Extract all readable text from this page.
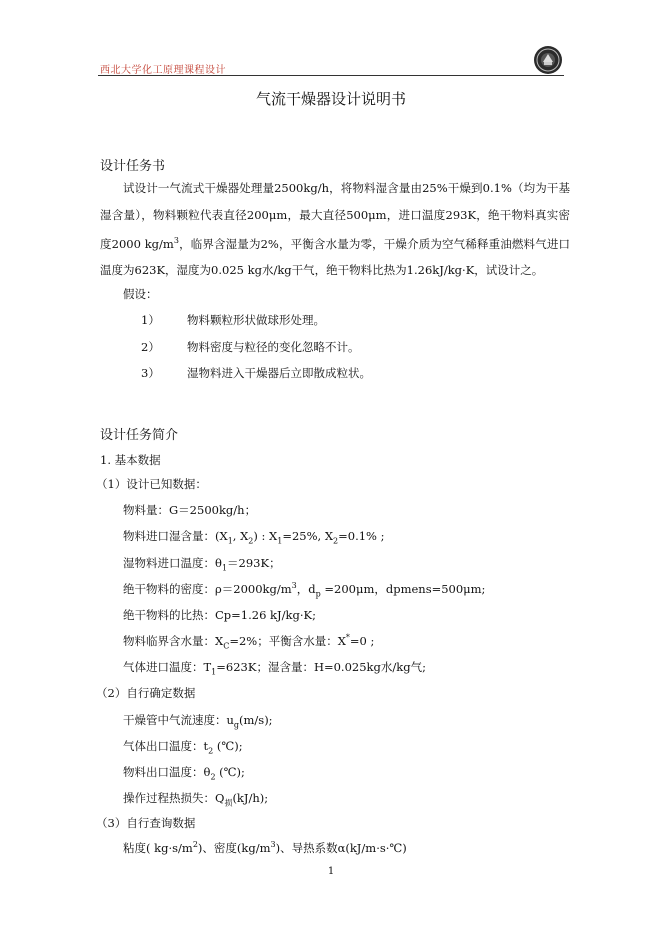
西北大学化工原理课程设计
气流干燥器设计说明书
设计任务书
试设计一气流式干燥器处理量2500kg/h，将物料湿含量由25%干燥到0.1%（均为干基湿含量），物料颗粒代表直径200μm，最大直径500μm，进口温度293K，绝干物料真实密度2000 $kg/m^3$，临界含湿量为2%，平衡含水量为零，干燥介质为空气稀释重油燃料气进口温度为623K，湿度为0.025 kg水/kg干气，绝干物料比热为1.26kJ/kg·K，试设计之。
假设：
1） 物料颗粒形状做球形处理。
2） 物料密度与粒径的变化忽略不计。
3） 湿物料进入干燥器后立即散成粒状。
设计任务简介
1. 基本数据
（1）设计已知数据：
物料量：G＝2500kg/h；
物料进口湿含量：($X_1$, $X_2$) : $X_1=25\%$, $X_2=0.1\%$ ;
湿物料进口温度：$\theta_1=293K$；
绝干物料的密度：$\rho=2000kg/m^3$，$d_p =200\mu m$，dpmens=500μm;
绝干物料的比热：Cp=1.26 kJ/kg·K;
物料临界含水量：$X_C=2\%$；平衡含水量：X*=0 ;
气体进口温度：$T_1=623K$；湿含量：H=0.025kg水/kg气;
（2）自行确定数据
干燥管中气流速度：$u_g(m/s)$;
气体出口温度：$t_2$ (℃);
物料出口温度：$\theta_2$ (℃);
操作过程热损失：$Q_损(kJ/h)$;
（3）自行查询数据
粘度( $kg\cdot s/m^2$)、密度$(kg/m^3)$、导热系数α(kJ/m·s·℃)
1
